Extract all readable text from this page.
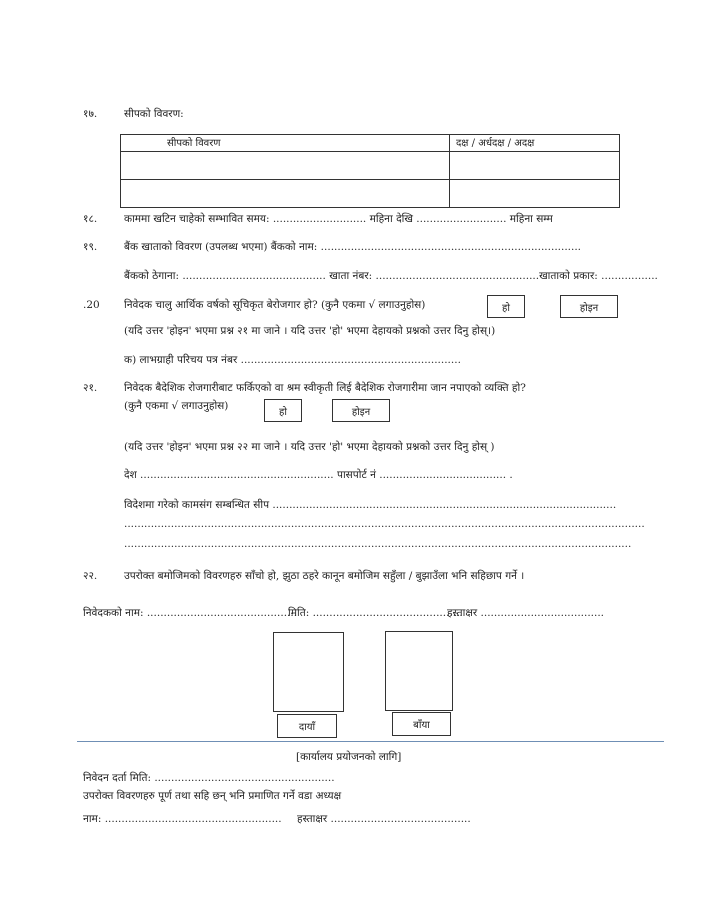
१७.	सीपको विवरण:
सीपको विवरण	दक्ष / अर्धदक्ष / अदक्ष

१८.	काममा खटिन चाहेको सम्भावित समय: ............................ महिना देखि ........................... महिना सम्म
१९.	बैंक खाताको विवरण (उपलब्ध भएमा) बैंकको नाम: ..............................................................................
बैंकको ठेगाना: ........................................... खाता नंबर: .................................................खाताको प्रकार: .................
.20 निवेदक चालु आर्थिक वर्षको सूचिकृत बेरोजगार हो? (कुनै एकमा √ लगाउनुहोस)	हो	होइन
(यदि उत्तर 'होइन' भएमा प्रश्न २१ मा जाने । यदि उत्तर 'हो' भएमा देहायको प्रश्नको उत्तर दिनु होस्।)
क) लाभग्राही परिचय पत्र नंबर ..................................................................
२१.	निवेदक बैदेशिक रोजगारीबाट फर्किएको वा श्रम स्वीकृती लिई बैदेशिक रोजगारीमा जान नपाएको व्यक्ति हो?
(कुनै एकमा √ लगाउनुहोस)	हो	होइन
(यदि उत्तर 'होइन' भएमा प्रश्न २२ मा जाने । यदि उत्तर 'हो' भएमा देहायको प्रश्नको उत्तर दिनु होस् )
देश .......................................................... पासपोर्ट नं ...................................... .
विदेशमा गरेको कामसंग सम्बन्धित सीप .......................................................................................................
............................................................................................................................................................
........................................................................................................................................................
२२.	उपरोक्त बमोजिमको विवरणहरु साँचो हो, झुठा ठहरे कानून बमोजिम सहुँला / बुझाउँला भनि सहिछाप गर्ने ।
निवेदकको नाम: .............................................
मिति: .............................................
हस्ताक्षर .....................................
दायाँ	बाँया
[कार्यालय प्रयोजनको लागि]
निवेदन दर्ता मिति: ......................................................
उपरोक्त विवरणहरु पूर्ण तथा सहि छन् भनि प्रमाणित गर्ने वडा अध्यक्ष
नाम: ..................................................... हस्ताक्षर ..........................................
